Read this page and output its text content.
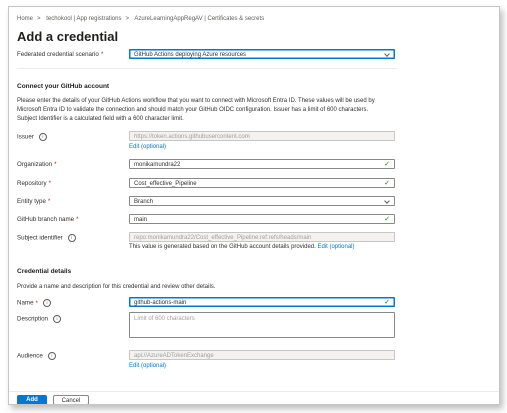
Home > techokool | App registrations > AzureLearningAppRegAV | Certificates & secrets
Add a credential
Federated credential scenario *	GitHub Actions deploying Azure resources
Connect your GitHub account
Please enter the details of your GitHub Actions workflow that you want to connect with Microsoft Entra ID. These values will be used by Microsoft Entra ID to validate the connection and should match your GitHub OIDC configuration. Issuer has a limit of 600 characters. Subject Identifier is a calculated field with a 600 character limit.
Issuer i	https://token.actions.githubusercontent.com
Edit (optional)
Organization *	monikamundra22 ✓
Repository *	Cost_effective_Pipeline ✓
Entity type *	Branch
GitHub branch name *	main ✓
Subject identifier i	repo:monikamundra22/Cost_effective_Pipeline:ref:refs/heads/main
This value is generated based on the GitHub account details provided. Edit (optional)
Credential details
Provide a name and description for this credential and review other details.
Name * i	github-actions-main ✓
Description i	Limit of 600 characters
Audience i	api://AzureADTokenExchange
Edit (optional)
Add	Cancel
